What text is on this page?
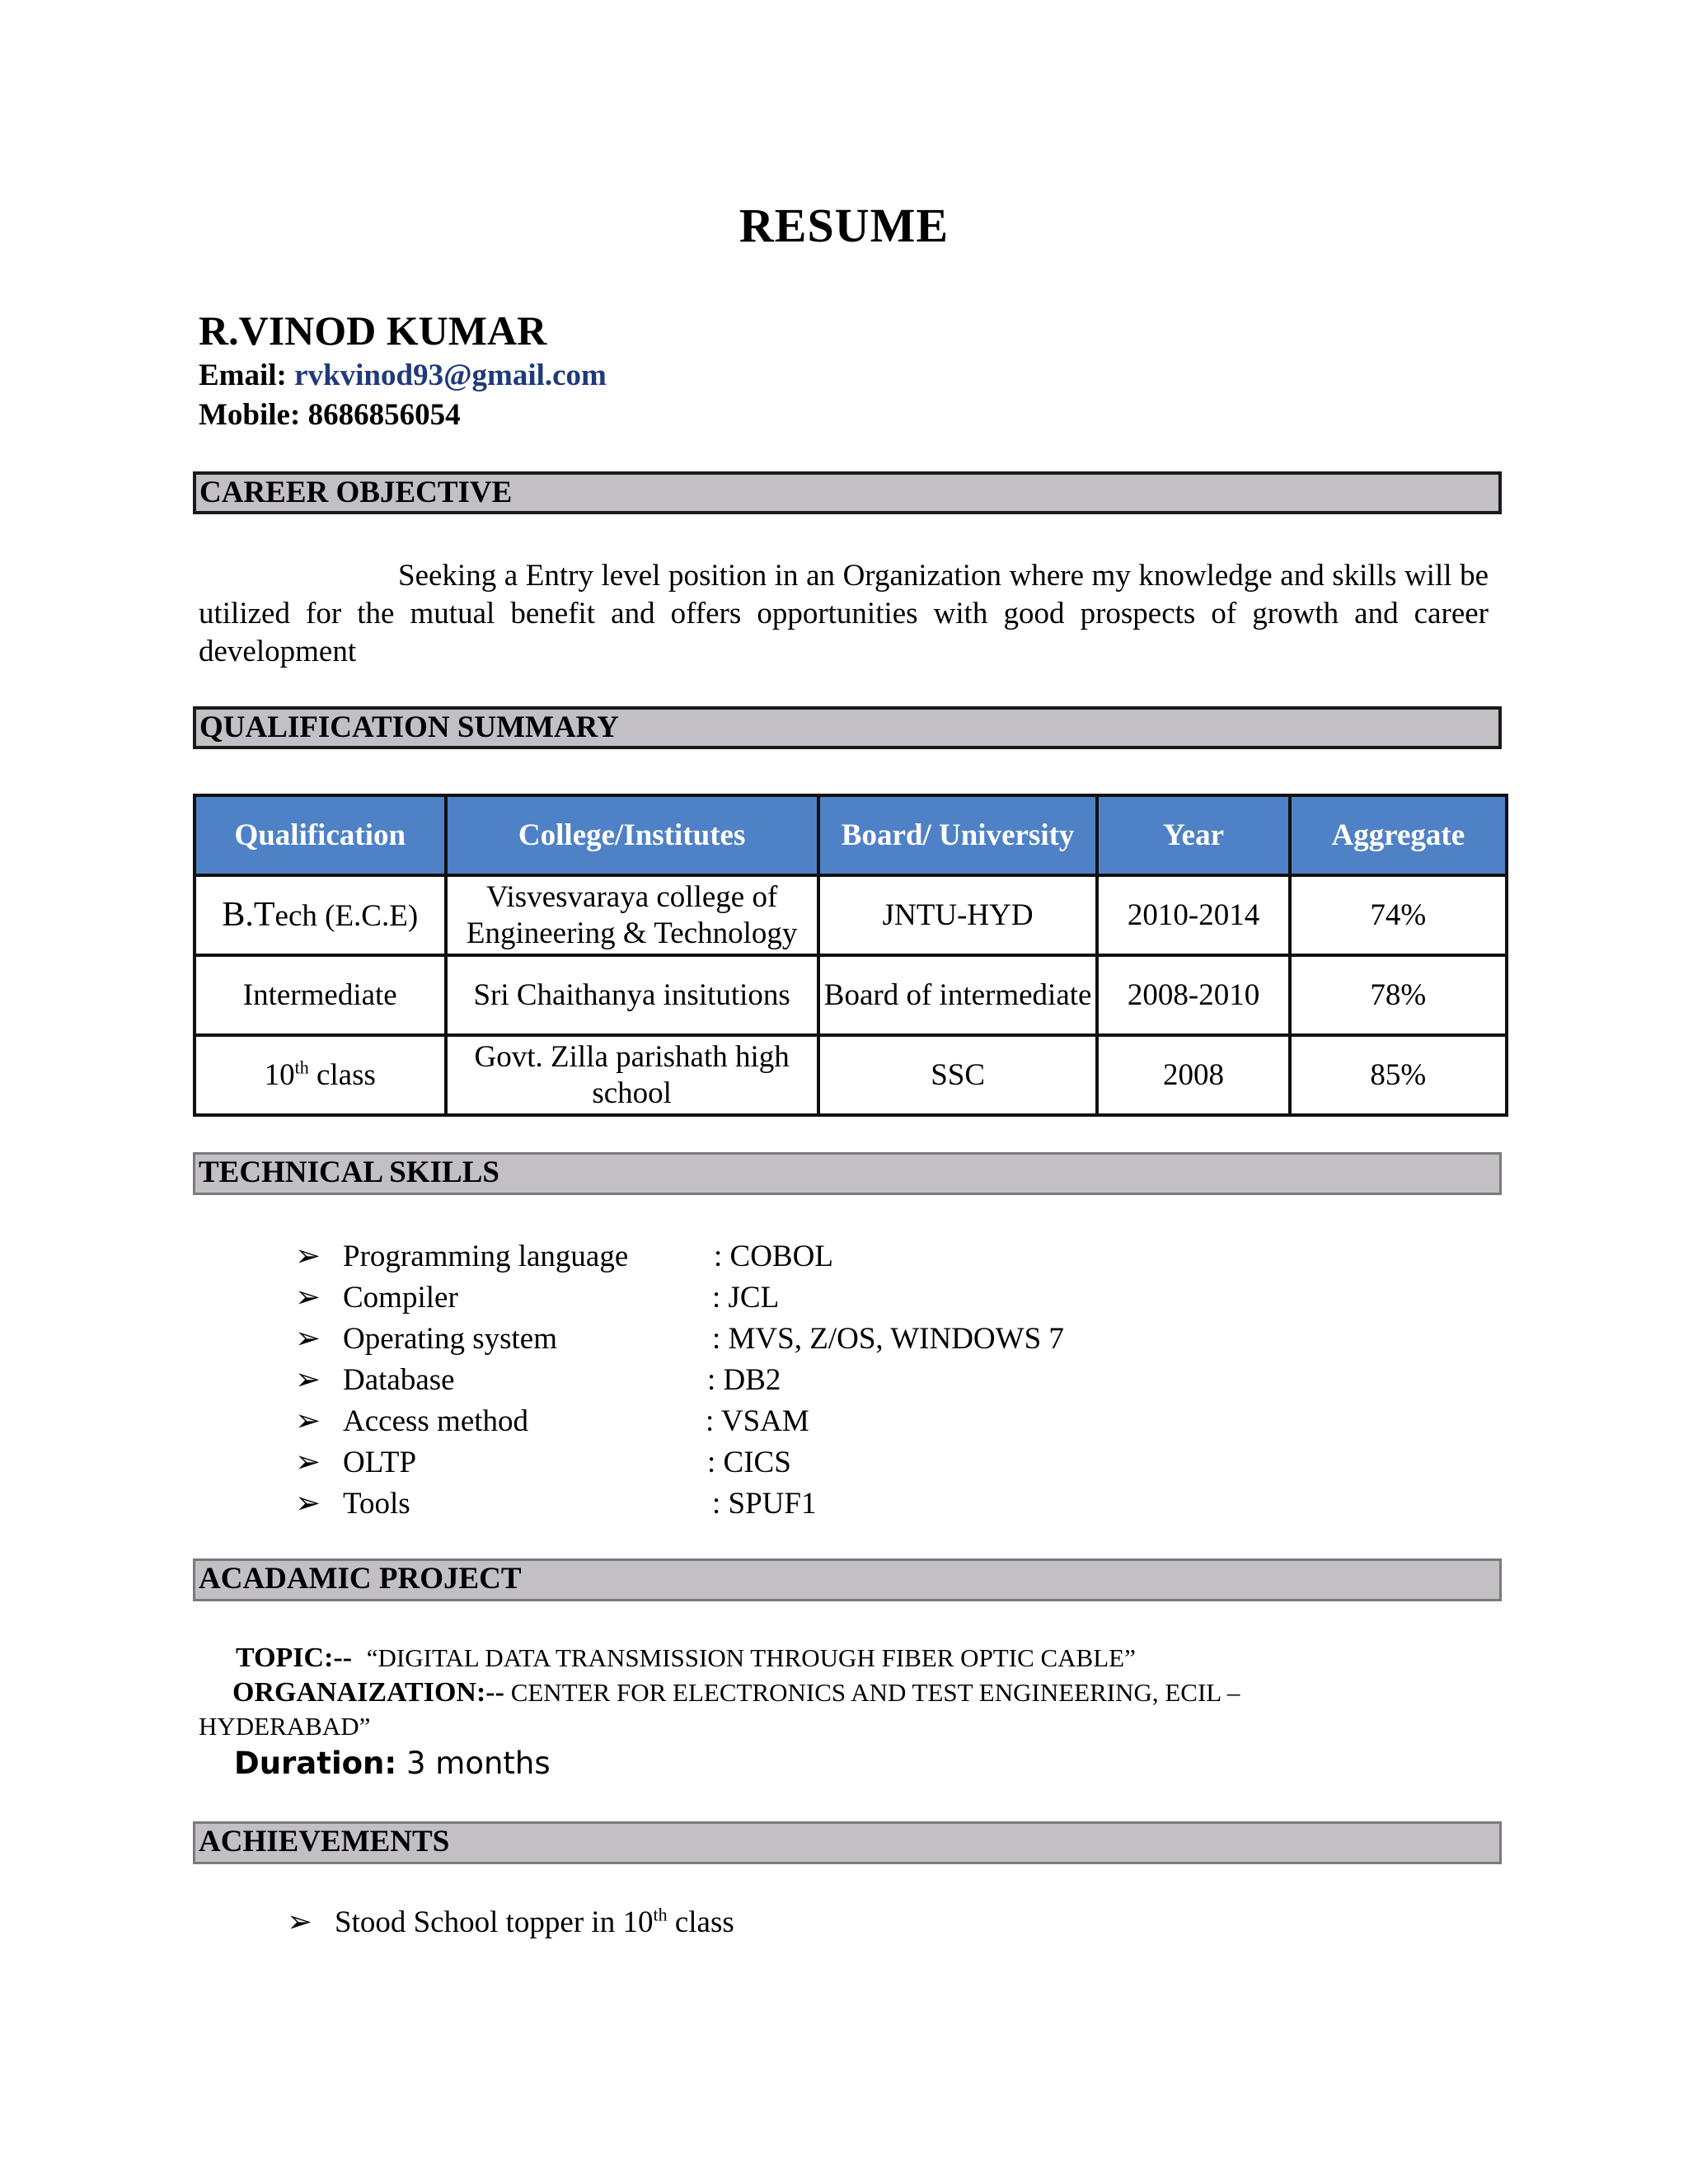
RESUME
R.VINOD KUMAR
Email: rvkvinod93@gmail.com
Mobile: 8686856054
CAREER OBJECTIVE
Seeking a Entry level position in an Organization where my knowledge and skills will be utilized for the mutual benefit and offers opportunities with good prospects of growth and career development
QUALIFICATION SUMMARY
Qualification	College/Institutes	Board/ University	Year	Aggregate
B.Tech (E.C.E)	Visvesvaraya college of Engineering & Technology	JNTU-HYD	2010-2014	74%
Intermediate	Sri Chaithanya insitutions	Board of intermediate	2008-2010	78%
10th class	Govt. Zilla parishath high school	SSC	2008	85%
TECHNICAL SKILLS
➢ Programming language	: COBOL
➢ Compiler	: JCL
➢ Operating system	: MVS, Z/OS, WINDOWS 7
➢ Database	: DB2
➢ Access method	: VSAM
➢ OLTP	: CICS
➢ Tools	: SPUF1
ACADAMIC PROJECT
TOPIC:-- “DIGITAL DATA TRANSMISSION THROUGH FIBER OPTIC CABLE”
ORGANAIZATION:-- CENTER FOR ELECTRONICS AND TEST ENGINEERING, ECIL –
HYDERABAD”
Duration: 3 months
ACHIEVEMENTS
➢ Stood School topper in 10th class
